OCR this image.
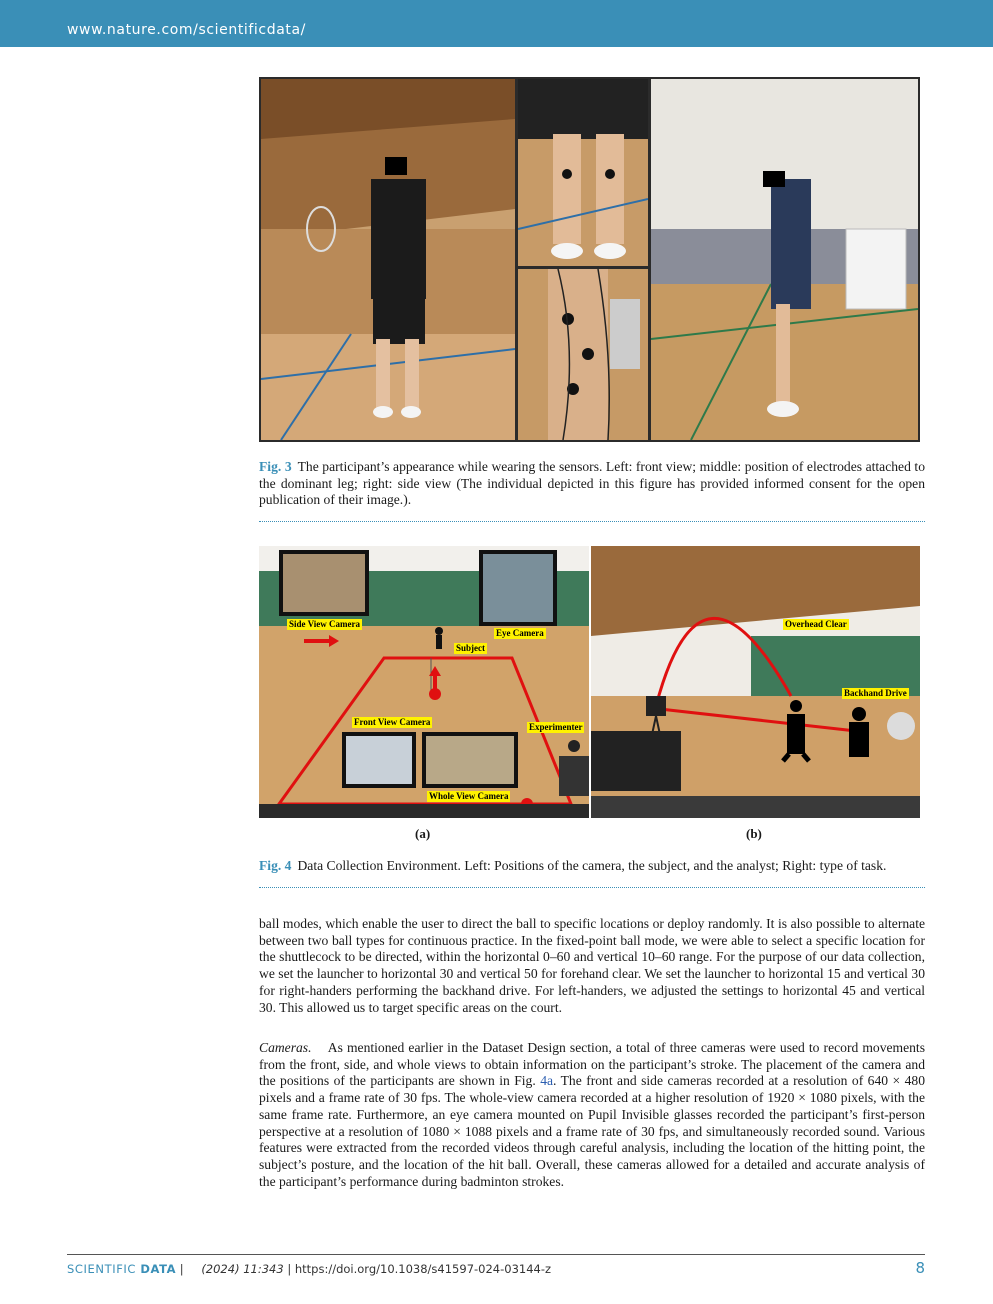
www.nature.com/scientificdata/
Fig. 3 The participant’s appearance while wearing the sensors. Left: front view; middle: position of electrodes attached to the dominant leg; right: side view (The individual depicted in this figure has provided informed consent for the open publication of their image.).
Side View Camera
Eye Camera
Subject
Front View Camera	Experimenter
Whole View Camera
Overhead Clear
Backhand Drive
(a)	(b)
Fig. 4 Data Collection Environment. Left: Positions of the camera, the subject, and the analyst; Right: type of task.

ball modes, which enable the user to direct the ball to specific locations or deploy randomly. It is also possible to alternate between two ball types for continuous practice. In the fixed-point ball mode, we were able to select a specific location for the shuttlecock to be directed, within the horizontal 0–60 and vertical 10–60 range. For the purpose of our data collection, we set the launcher to horizontal 30 and vertical 50 for forehand clear. We set the launcher to horizontal 15 and vertical 30 for right-handers performing the backhand drive. For left-handers, we adjusted the settings to horizontal 45 and vertical 30. This allowed us to target specific areas on the court.

Cameras. As mentioned earlier in the Dataset Design section, a total of three cameras were used to record movements from the front, side, and whole views to obtain information on the participant’s stroke. The placement of the camera and the positions of the participants are shown in Fig. 4a. The front and side cameras recorded at a resolution of 640 × 480 pixels and a frame rate of 30 fps. The whole-view camera recorded at a higher resolution of 1920 × 1080 pixels, with the same frame rate. Furthermore, an eye camera mounted on Pupil Invisible glasses recorded the participant’s first-person perspective at a resolution of 1080 × 1088 pixels and a frame rate of 30 fps, and simultaneously recorded sound. Various features were extracted from the recorded videos through careful analysis, including the location of the hitting point, the subject’s posture, and the location of the hit ball. Overall, these cameras allowed for a detailed and accurate analysis of the participant’s performance during badminton strokes.

SCIENTIFIC DATA | (2024) 11:343 | https://doi.org/10.1038/s41597-024-03144-z	8
